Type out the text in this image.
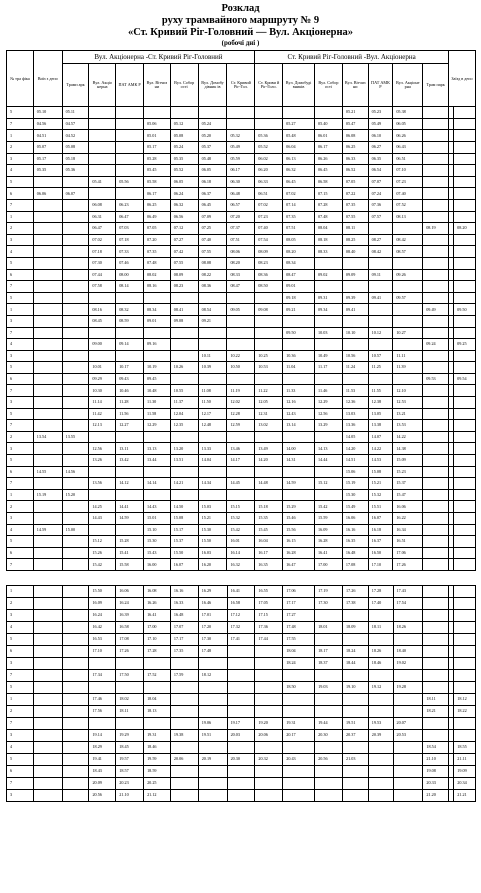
Розклад
руху трамвайного маршруту № 9
«Ст. Кривий Ріг-Головний — Вул. Акціонерна»
(робочі дні )
№ тра фіка	Виїз з депо	Вул. Акціонерна -Ст. Кривий Ріг-Головний							Ст. Кривий Ріг-Головний -Вул. Акціонерна							Заїзд в депо	
		Трамп арк	Вул. Акціо нерна	ПАТ АМК Р	Вул. Вітчиз ни	Вул. Собор ості	Вул. Домобу дівник ів	Ст. Кривий Ріг-Гол.	Ст. Криви й Ріг-Голо.	Вул. Домобуді вників	Вул. Собор ості	Вул. Вітчиз ни	ПАТ АМК Р	Вул. Акціоне рна	Трам парк		
5	05.10	05.11										05.21	05.23	05.38			
7	04.56	04.57			05.06	05.12	05.24			05.27	05.40	05.47	05.49	06.05			
1	04.51	04.52			05.01	05.08	05.20	05.32	05.36	05.48	06.01	06.08	06.10	06.26			
2	05.07	05.08			05.17	05.24	05.37	05.49	05.52	06.04	06.17	06.25	06.27	06.43			
3	05.17	05.18			05.28	05.35	05.48	05.59	06.02	06.13	06.26	06.33	06.35	06.51			
4	05.35	05.36			05.45	05.52	06.05	06.17	06.20	06.32	06.45	06.52	06.54	07.10			
5			05.41	05.56	05.58	06.05	06.18	06.30	06.33	06.45	06.58	07.05	07.07	07.23			
6	06.06	06.07			06.17	06.24	06.37	06.48	06.51	07.02	07.15	07.22	07.24	07.40			
7			06.08	06.23	06.25	06.32	06.45	06.57	07.02	07.14	07.28	07.35	07.36	07.52			
1			06.31	06.47	06.49	06.56	07.09	07.20	07.23	07.35	07.48	07.55	07.57	08.13			
2			06.47	07.03	07.05	07.12	07.25	07.37	07.40	07.51	08.04	08.11			08.19		08.20
3			07.02	07.18	07.20	07.27	07.40	07.51	07.54	08.05	08.18	08.25	08.27	08.42			
4			07.18	07.33	07.35	07.42	07.55	08.06	08.09	08.20	08.33	08.40	08.42	08.57			
5			07.30	07.46	07.48	07.55	08.08	08.20	08.23	08.34							
6			07.44	08.00	08.02	08.09	08.22	08.33	08.36	08.47	09.02	09.09	09.11	09.26			
7			07.58	08.14	08.16	08.23	08.36	08.47	08.50	09.01							
5										09.18	09.31	09.39	09.41	09.57			
1			08.16	08.32	08.34	08.41	08.54	09.05	09.08	09.21	09.34	09.41			09.49		09.50
3			08.45	08.59	09.01	09.08	09.21										
7										09.50	10.03	10.10	10.12	10.27			
4			09.00	09.14	09.16										09.24		09.25
3							10.11	10.22	10.25	10.36	10.49	10.56	10.57	11.11			
5			10.01	10.17	10.19	10.26	10.39	10.50	10.53	11.04	11.17	11.24	11.25	11.39			
6			09.29	09.43	09.45										09.53		09.54
7			10.30	10.46	10.48	10.55	11.08	11.19	11.22	11.33	11.46	11.53	11.55	12.10			
3			11.14	11.28	11.30	11.37	11.50	12.02	12.05	12.16	12.29	12.36	12.38	12.53			
5			11.42	11.56	11.58	12.04	12.17	12.28	12.31	12.43	12.56	13.03	13.05	13.21			
7			12.13	12.27	12.29	12.35	12.48	12.59	13.02	13.14	13.29	13.36	13.38	13.53			
2	13.54	13.55										14.05	14.07	14.22			
3			12.56	13.11	13.13	13.20	13.33	13.46	13.49	14.00	14.13	14.20	14.22	14.38			
5			13.26	13.42	13.44	13.51	14.04	14.17	14.20	14.31	14.44	14.51	14.53	15.09			
6	14.55	14.56										15.06	15.08	15.23			
7			13.56	14.12	14.14	14.21	14.34	14.45	14.48	14.59	15.12	15.19	15.21	15.37			
1	15.19	15.20										15.30	15.32	15.47			
2			14.25	14.41	14.43	14.50	15.03	15.15	15.18	15.29	15.42	15.49	15.51	16.06			
3			14.43	14.59	15.01	15.08	15.21	15.32	15.35	15.46	15.59	16.06	16.07	16.22			
4	14.59	15.00			15.10	15.17	15.30	15.42	15.45	15.56	16.09	16.16	16.18	16.34			
5			15.12	15.28	15.30	15.37	15.50	16.01	16.04	16.15	16.28	16.35	16.37	16.51			
6			15.26	15.41	15.43	15.50	16.03	16.14	16.17	16.28	16.41	16.48	16.50	17.06			
7			15.42	15.58	16.00	16.07	16.20	16.32	16.35	16.47	17.00	17.08	17.10	17.26			
1			15.50	16.06	16.08	16.16	16.29	16.41	16.55	17.06	17.19	17.26	17.28	17.43			
2			16.09	16.24	16.26	16.33	16.46	16.58	17.05	17.17	17.30	17.38	17.40	17.54			
3			16.24	16.39	16.41	16.48	17.01	17.12	17.15	17.27							
4			16.42	16.58	17.00	17.07	17.20	17.32	17.36	17.48	18.01	18.09	18.11	18.26			
5			16.53	17.08	17.10	17.17	17.30	17.41	17.44	17.55							
6			17.10	17.26	17.28	17.35	17.48			18.04	18.17	18.24	18.26	18.40			
3										18.24	18.37	18.44	18.46	19.02			
7			17.34	17.50	17.52	17.59	18.12										
5										18.50	19.03	19.10	19.12	19.28			
1			17.46	18.02	18.04										18.11		18.12
2			17.56	18.11	18.13										18.21		18.22
7							19.06	19.17	19.20	19.31	19.44	19.51	19.53	20.07			
3			19.14	19.29	19.31	19.38	19.51	20.03	20.06	20.17	20.30	20.37	20.39	20.53			
4			18.29	18.45	18.46										18.54		18.55
5			19.41	19.57	19.59	20.06	20.19	20.30	20.32	20.43	20.56	21.03			21.10		21.11
6			18.43	18.57	18.59										19.08		19.09
7			20.09	20.23	20.25										20.33		20.34
3			20.56	21.10	21.12										21.20		21.21
